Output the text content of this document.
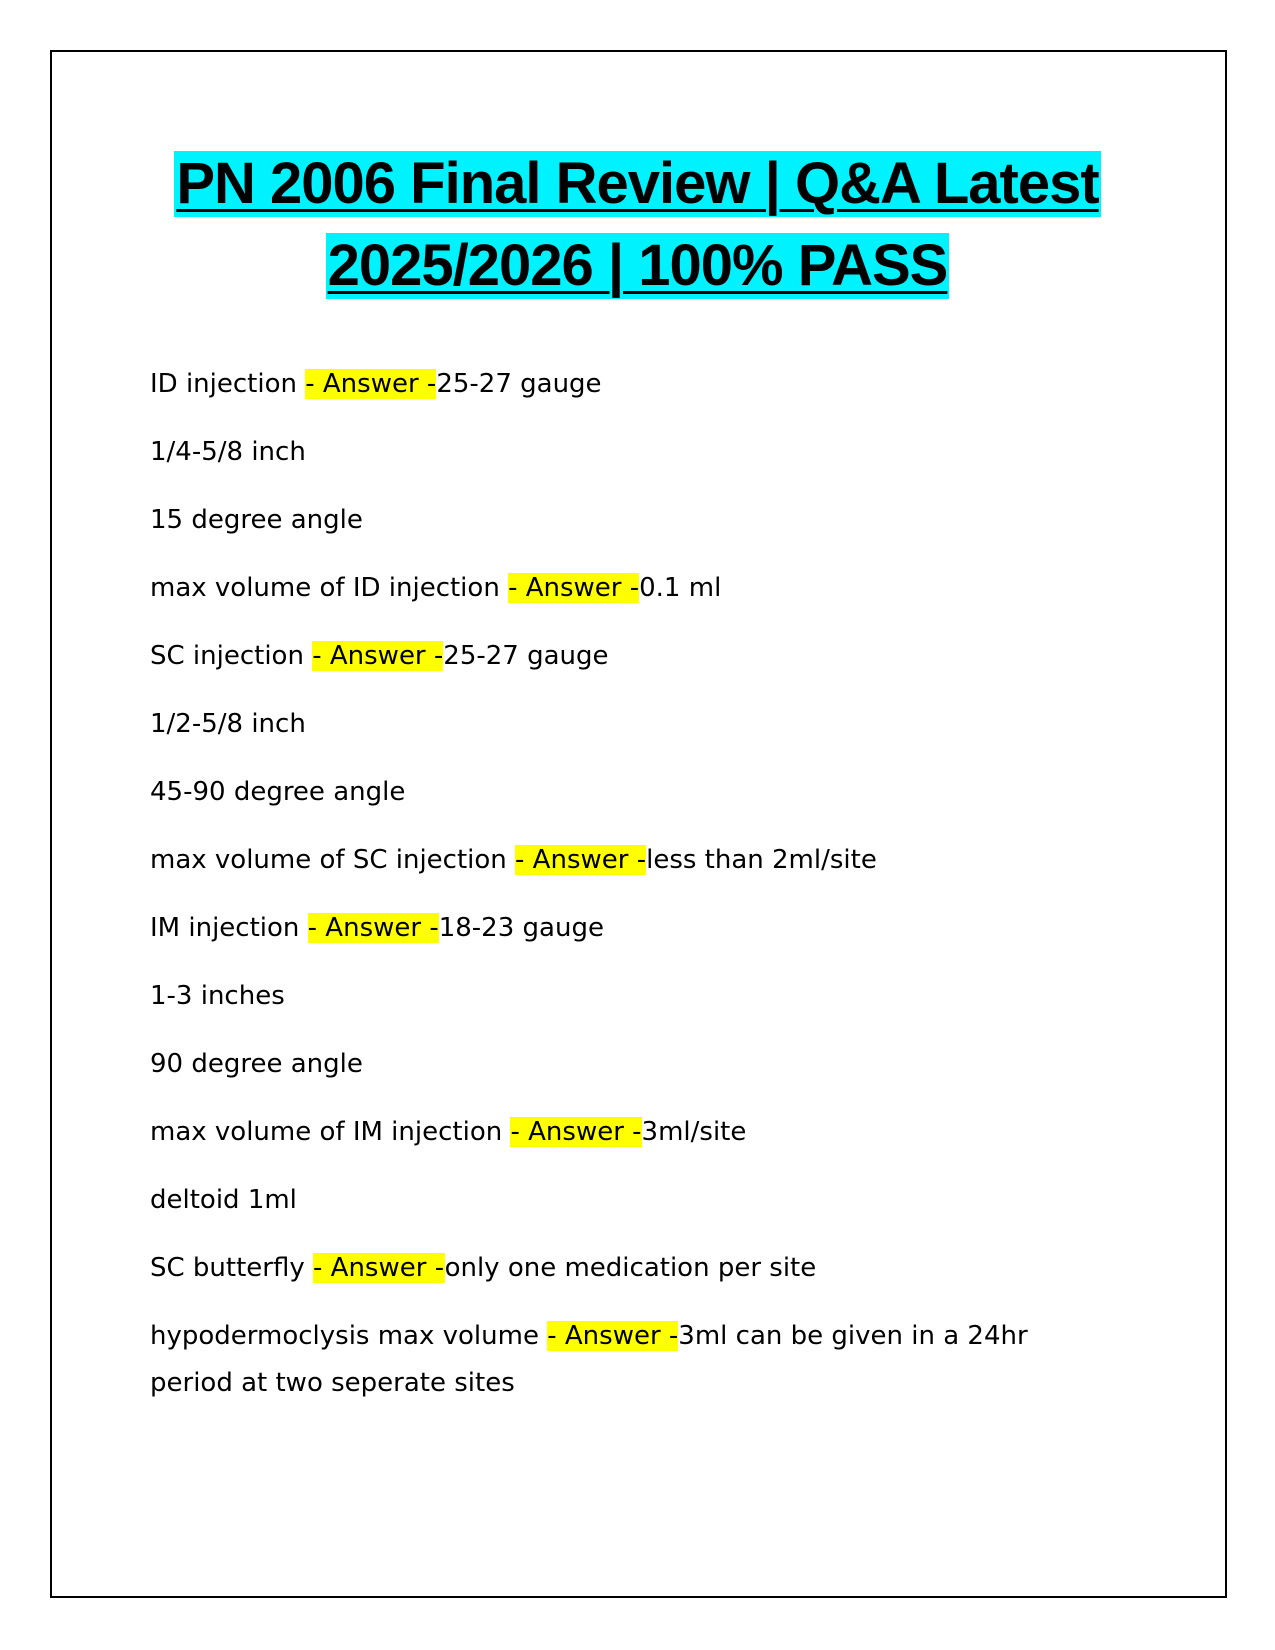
PN 2006 Final Review | Q&A Latest
2025/2026 | 100% PASS
ID injection - Answer -25-27 gauge
1/4-5/8 inch
15 degree angle
max volume of ID injection - Answer -0.1 ml
SC injection - Answer -25-27 gauge
1/2-5/8 inch
45-90 degree angle
max volume of SC injection - Answer -less than 2ml/site
IM injection - Answer -18-23 gauge
1-3 inches
90 degree angle
max volume of IM injection - Answer -3ml/site
deltoid 1ml
SC butterfly - Answer -only one medication per site
hypodermoclysis max volume - Answer -3ml can be given in a 24hr period at two seperate sites
